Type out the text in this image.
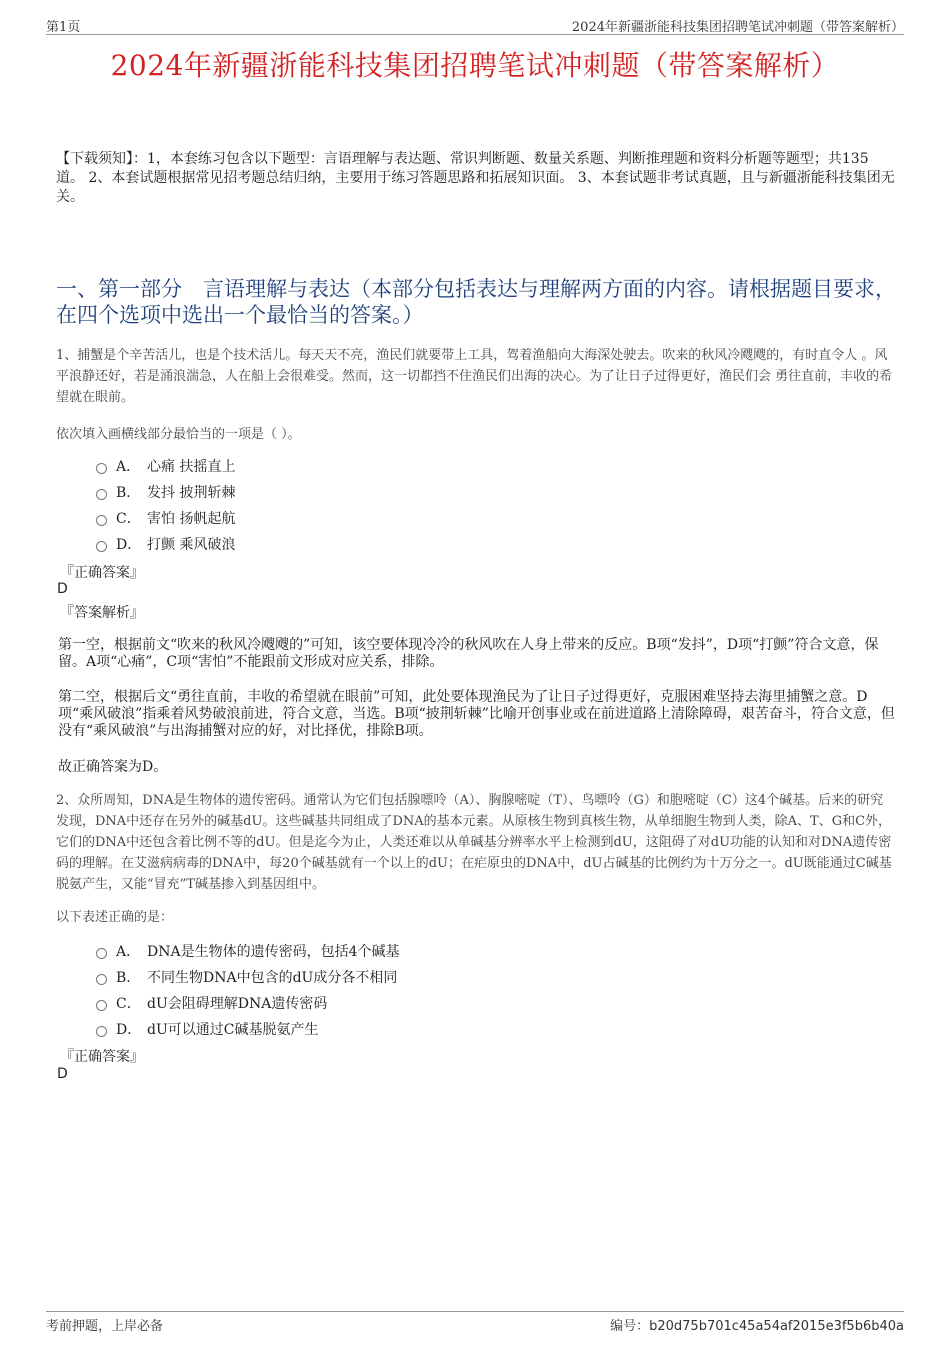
第1页	2024年新疆浙能科技集团招聘笔试冲刺题（带答案解析）
2024年新疆浙能科技集团招聘笔试冲刺题（带答案解析）
【下载须知】：1，本套练习包含以下题型：言语理解与表达题、常识判断题、数量关系题、判断推理题和资料分析题等题型；共135道。 2、本套试题根据常见招考题总结归纳，主要用于练习答题思路和拓展知识面。 3、本套试题非考试真题，且与新疆浙能科技集团无关。
一、第一部分　言语理解与表达（本部分包括表达与理解两方面的内容。请根据题目要求，在四个选项中选出一个最恰当的答案。）
1、捕蟹是个辛苦活儿，也是个技术活儿。每天天不亮，渔民们就要带上工具，驾着渔船向大海深处驶去。吹来的秋风冷飕飕的，有时直令人 。风平浪静还好，若是涌浪湍急，人在船上会很难受。然而，这一切都挡不住渔民们出海的决心。为了让日子过得更好，渔民们会 勇往直前，丰收的希望就在眼前。
依次填入画横线部分最恰当的一项是（ ）。
A． 心痛 扶摇直上
B． 发抖 披荆斩棘
C． 害怕 扬帆起航
D． 打颤 乘风破浪
『正确答案』
D
『答案解析』
第一空，根据前文“吹来的秋风冷飕飕的”可知，该空要体现冷冷的秋风吹在人身上带来的反应。B项“发抖”，D项“打颤”符合文意，保留。A项“心痛”，C项“害怕”不能跟前文形成对应关系，排除。
第二空，根据后文“勇往直前，丰收的希望就在眼前”可知，此处要体现渔民为了让日子过得更好，克服困难坚持去海里捕蟹之意。D项“乘风破浪”指乘着风势破浪前进，符合文意，当选。B项“披荆斩棘”比喻开创事业或在前进道路上清除障碍，艰苦奋斗，符合文意，但没有“乘风破浪”与出海捕蟹对应的好，对比择优，排除B项。
故正确答案为D。
2、众所周知，DNA是生物体的遗传密码。通常认为它们包括腺嘌呤（A）、胸腺嘧啶（T）、鸟嘌呤（G）和胞嘧啶（C）这4个碱基。后来的研究发现，DNA中还存在另外的碱基dU。这些碱基共同组成了DNA的基本元素。从原核生物到真核生物，从单细胞生物到人类，除A、T、G和C外，它们的DNA中还包含着比例不等的dU。但是迄今为止，人类还难以从单碱基分辨率水平上检测到dU，这阻碍了对dU功能的认知和对DNA遗传密码的理解。在艾滋病病毒的DNA中，每20个碱基就有一个以上的dU；在疟原虫的DNA中，dU占碱基的比例约为十万分之一。dU既能通过C碱基脱氨产生，又能“冒充”T碱基掺入到基因组中。
以下表述正确的是：
A． DNA是生物体的遗传密码，包括4个碱基
B． 不同生物DNA中包含的dU成分各不相同
C． dU会阻碍理解DNA遗传密码
D． dU可以通过C碱基脱氨产生
『正确答案』
D
考前押题，上岸必备	编号：b20d75b701c45a54af2015e3f5b6b40a
